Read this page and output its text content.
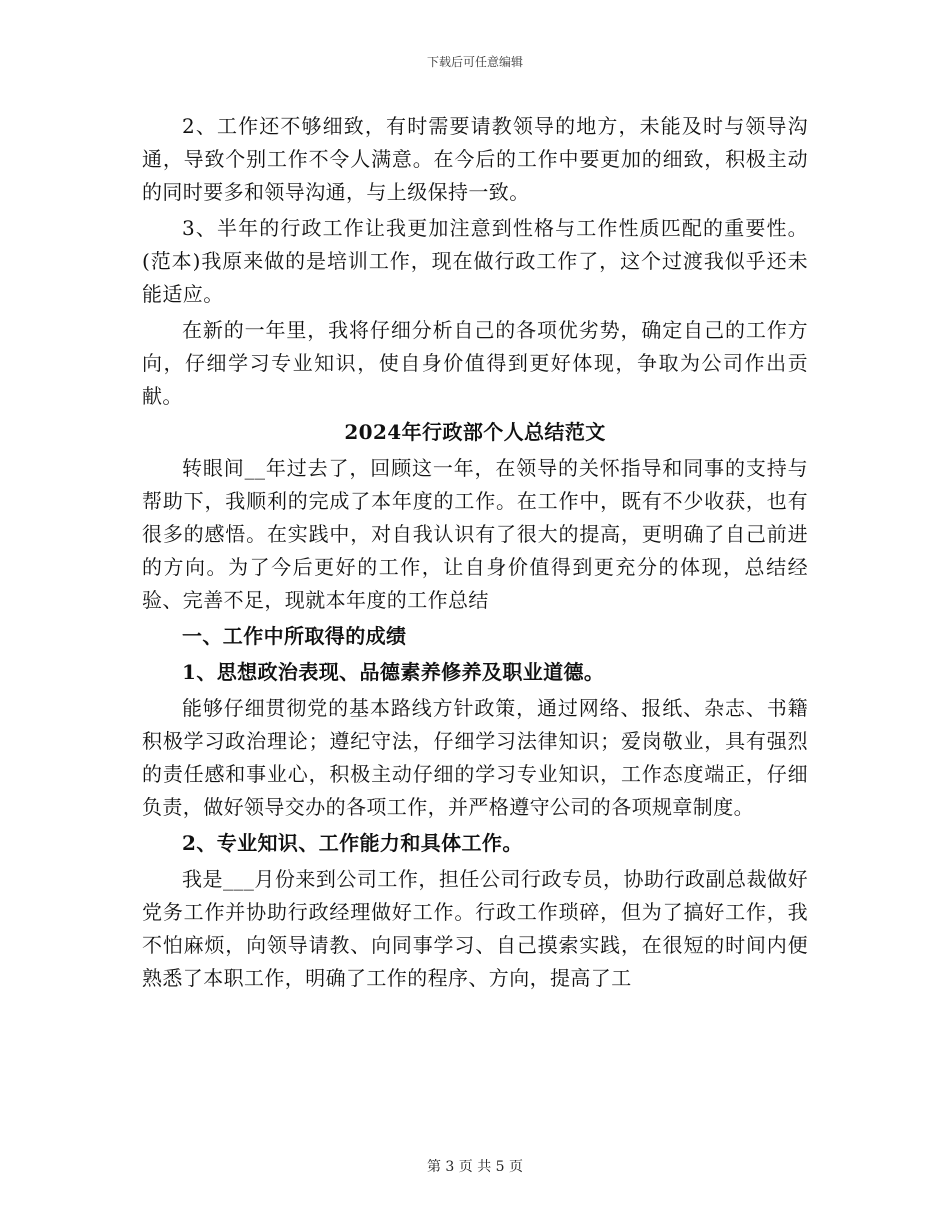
下载后可任意编辑

2、工作还不够细致，有时需要请教领导的地方，未能及时与领导沟通，导致个别工作不令人满意。在今后的工作中要更加的细致，积极主动的同时要多和领导沟通，与上级保持一致。

3、半年的行政工作让我更加注意到性格与工作性质匹配的重要性。(范本)我原来做的是培训工作，现在做行政工作了，这个过渡我似乎还未能适应。

在新的一年里，我将仔细分析自己的各项优劣势，确定自己的工作方向，仔细学习专业知识，使自身价值得到更好体现，争取为公司作出贡献。

2024年行政部个人总结范文

转眼间__年过去了，回顾这一年，在领导的关怀指导和同事的支持与帮助下，我顺利的完成了本年度的工作。在工作中，既有不少收获，也有很多的感悟。在实践中，对自我认识有了很大的提高，更明确了自己前进的方向。为了今后更好的工作，让自身价值得到更充分的体现，总结经验、完善不足，现就本年度的工作总结

一、工作中所取得的成绩

1、思想政治表现、品德素养修养及职业道德。

能够仔细贯彻党的基本路线方针政策，通过网络、报纸、杂志、书籍积极学习政治理论；遵纪守法，仔细学习法律知识；爱岗敬业，具有强烈的责任感和事业心，积极主动仔细的学习专业知识，工作态度端正，仔细负责，做好领导交办的各项工作，并严格遵守公司的各项规章制度。

2、专业知识、工作能力和具体工作。

我是___月份来到公司工作，担任公司行政专员，协助行政副总裁做好党务工作并协助行政经理做好工作。行政工作琐碎，但为了搞好工作，我不怕麻烦，向领导请教、向同事学习、自己摸索实践，在很短的时间内便熟悉了本职工作，明确了工作的程序、方向，提高了工

第 3 页 共 5 页
